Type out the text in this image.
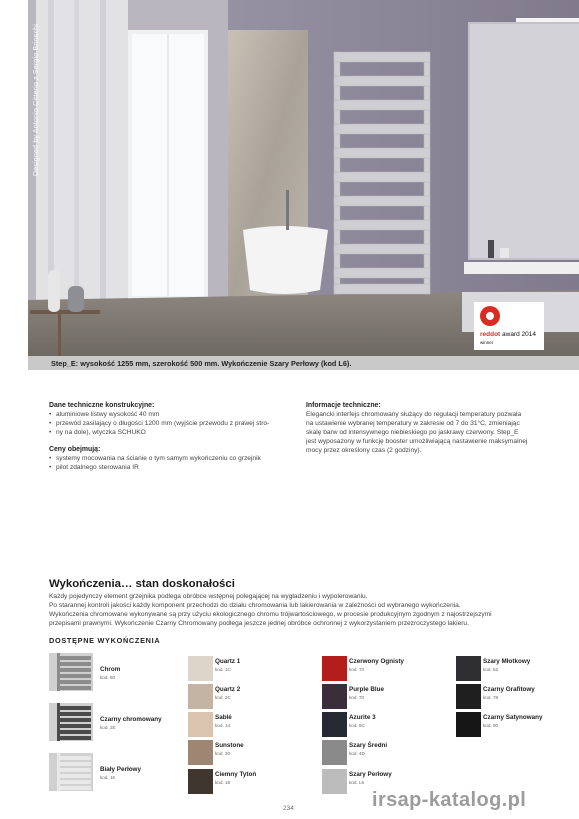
Designed by Antonio Citterio z Sergio Brioschi
reddot award 2014
winner
Step_E: wysokość 1255 mm, szerokość 500 mm. Wykończenie Szary Perłowy (kod L6).
Dane techniczne konstrukcyjne:
• aluminiowe listwy wysokość 40 mm
• przewód zasilający o długości 1200 mm (wyjście przewodu z prawej stro-
• ny na dole), wtyczka SCHUKO
Ceny obejmują:
• systemy mocowania na ścianie o tym samym wykończeniu co grzejnik
• pilot zdalnego sterowania IR
Informacje techniczne:

Elegancki interfejs chromowany służący do regulacji temperatury pozwala

na ustawienie wybranej temperatury w zakresie od 7 do 31°C, zmieniając

skalę barw od intensywnego niebieskiego po jaskrawy czerwony. Step_E

jest wyposażony w funkcję booster umożliwiającą nastawienie maksymalnej

mocy przez określony czas (2 godziny).

Wykończenia… stan doskonałości
Każdy pojedynczy element grzejnika podlega obróbce wstępnej polegającej na wygładzeniu i wypolerowaniu.
Po starannej kontroli jakości każdy komponent przechodzi do działu chromowania lub lakierowania w zależności od wybranego wykończenia.
Wykończenia chromowane wykonywane są przy użyciu ekologicznego chromu trójwartościowego, w procesie produkcyjnym zgodnym z najostrzejszymi
przepisami prawnymi. Wykończenie Czarny Chromowany podlega jeszcze jednej obróbce ochronnej z wykorzystaniem przezroczystego lakieru.
DOSTĘPNE WYKOŃCZENIA
Chrom
kod. 50
Czarny chromowany
kod. 2E
Biały Perłowy
kod. 16
Quartz 1
kod. 1C
Quartz 2
kod. 2C
Sablé
kod. 14
Sunstone
kod. 20
Ciemny Tytoń
kod. 18
Czerwony Ognisty
kod. 70
Purple Blue
kod. 70
Azurite 3
kod. 6C
Szary Średni
kod. 4D
Szary Perłowy
kod. L6
Szary Młotkowy
kod. 52
Czarny Grafitowy
kod. 78
Czarny Satynowany
kod. 90
234	irsap-katalog.pl
